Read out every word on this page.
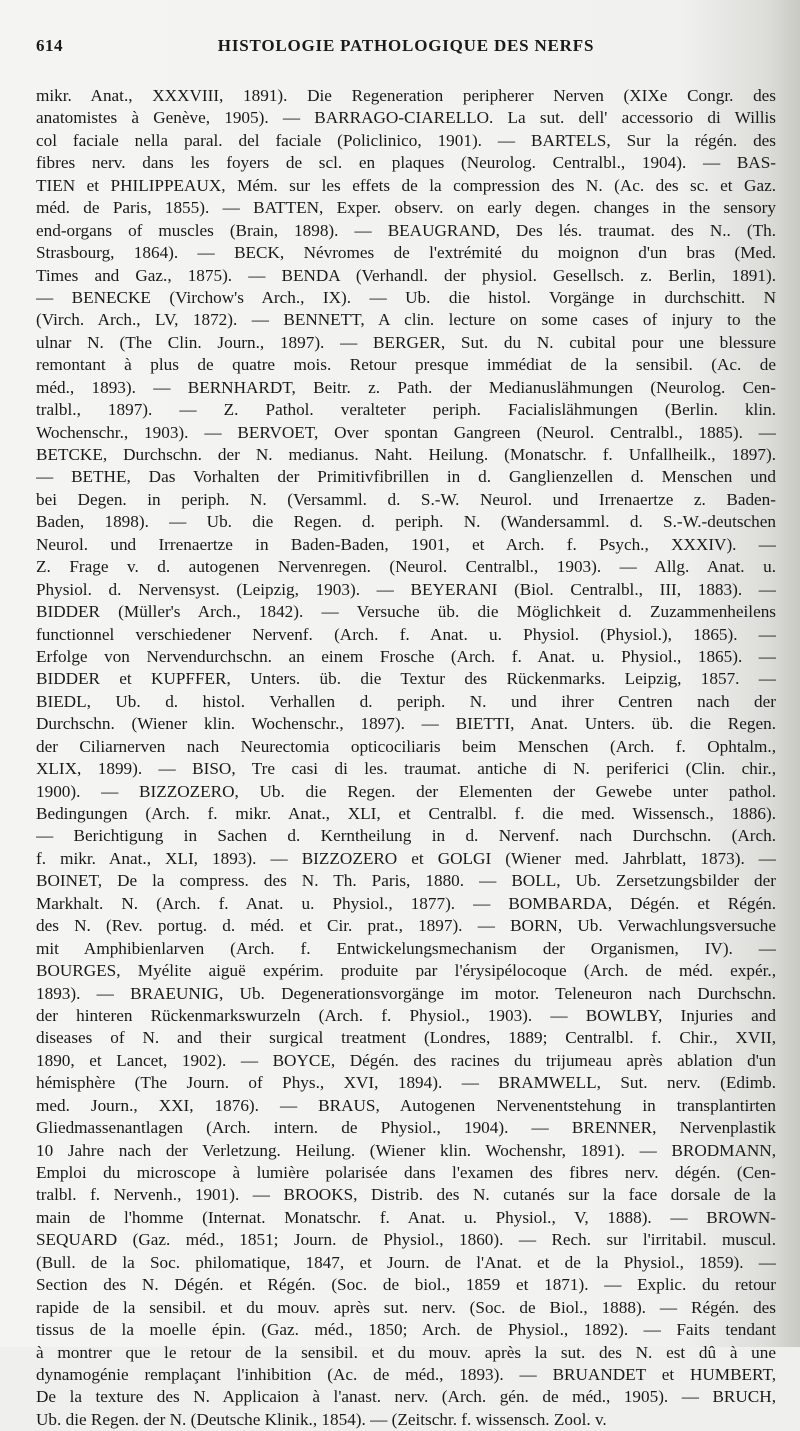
614	HISTOLOGIE PATHOLOGIQUE DES NERFS
mikr. Anat., XXXVIII, 1891). Die Regeneration peripherer Nerven (XIXe Congr. des
anatomistes à Genève, 1905). — BARRAGO-CIARELLO. La sut. dell' accessorio di Willis
col faciale nella paral. del faciale (Policlinico, 1901). — BARTELS, Sur la régén. des
fibres nerv. dans les foyers de scl. en plaques (Neurolog. Centralbl., 1904). — BAS-
TIEN et PHILIPPEAUX, Mém. sur les effets de la compression des N. (Ac. des sc. et Gaz.
méd. de Paris, 1855). — BATTEN, Exper. observ. on early degen. changes in the sensory
end-organs of muscles (Brain, 1898). — BEAUGRAND, Des lés. traumat. des N.. (Th.
Strasbourg, 1864). — BECK, Névromes de l'extrémité du moignon d'un bras (Med.
Times and Gaz., 1875). — BENDA (Verhandl. der physiol. Gesellsch. z. Berlin, 1891).
— BENECKE (Virchow's Arch., IX). — Ub. die histol. Vorgänge in durchschitt. N
(Virch. Arch., LV, 1872). — BENNETT, A clin. lecture on some cases of injury to the
ulnar N. (The Clin. Journ., 1897). — BERGER, Sut. du N. cubital pour une blessure
remontant à plus de quatre mois. Retour presque immédiat de la sensibil. (Ac. de
méd., 1893). — BERNHARDT, Beitr. z. Path. der Medianuslähmungen (Neurolog. Cen-
tralbl., 1897). — Z. Pathol. veralteter periph. Facialislähmungen (Berlin. klin.
Wochenschr., 1903). — BERVOET, Over spontan Gangreen (Neurol. Centralbl., 1885). —
BETCKE, Durchschn. der N. medianus. Naht. Heilung. (Monatschr. f. Unfallheilk., 1897).
— BETHE, Das Vorhalten der Primitivfibrillen in d. Ganglienzellen d. Menschen und
bei Degen. in periph. N. (Versamml. d. S.-W. Neurol. und Irrenaertze z. Baden-
Baden, 1898). — Ub. die Regen. d. periph. N. (Wandersamml. d. S.-W.-deutschen
Neurol. und Irrenaertze in Baden-Baden, 1901, et Arch. f. Psych., XXXIV). —
Z. Frage v. d. autogenen Nervenregen. (Neurol. Centralbl., 1903). — Allg. Anat. u.
Physiol. d. Nervensyst. (Leipzig, 1903). — BEYERANI (Biol. Centralbl., III, 1883). —
BIDDER (Müller's Arch., 1842). — Versuche üb. die Möglichkeit d. Zuzammenheilens
functionnel verschiedener Nervenf. (Arch. f. Anat. u. Physiol. (Physiol.), 1865). —
Erfolge von Nervendurchschn. an einem Frosche (Arch. f. Anat. u. Physiol., 1865). —
BIDDER et KUPFFER, Unters. üb. die Textur des Rückenmarks. Leipzig, 1857. —
BIEDL, Ub. d. histol. Verhallen d. periph. N. und ihrer Centren nach der
Durchschn. (Wiener klin. Wochenschr., 1897). — BIETTI, Anat. Unters. üb. die Regen.
der Ciliarnerven nach Neurectomia opticociliaris beim Menschen (Arch. f. Ophtalm.,
XLIX, 1899). — BISO, Tre casi di les. traumat. antiche di N. periferici (Clin. chir.,
1900). — BIZZOZERO, Ub. die Regen. der Elementen der Gewebe unter pathol.
Bedingungen (Arch. f. mikr. Anat., XLI, et Centralbl. f. die med. Wissensch., 1886).
— Berichtigung in Sachen d. Kerntheilung in d. Nervenf. nach Durchschn. (Arch.
f. mikr. Anat., XLI, 1893). — BIZZOZERO et GOLGI (Wiener med. Jahrblatt, 1873). —
BOINET, De la compress. des N. Th. Paris, 1880. — BOLL, Ub. Zersetzungsbilder der
Markhalt. N. (Arch. f. Anat. u. Physiol., 1877). — BOMBARDA, Dégén. et Régén.
des N. (Rev. portug. d. méd. et Cir. prat., 1897). — BORN, Ub. Verwachlungsversuche
mit Amphibienlarven (Arch. f. Entwickelungsmechanism der Organismen, IV). —
BOURGES, Myélite aiguë expérim. produite par l'érysipélocoque (Arch. de méd. expér.,
1893). — BRAEUNIG, Ub. Degenerationsvorgänge im motor. Teleneuron nach Durchschn.
der hinteren Rückenmarkswurzeln (Arch. f. Physiol., 1903). — BOWLBY, Injuries and
diseases of N. and their surgical treatment (Londres, 1889; Centralbl. f. Chir., XVII,
1890, et Lancet, 1902). — BOYCE, Dégén. des racines du trijumeau après ablation d'un
hémisphère (The Journ. of Phys., XVI, 1894). — BRAMWELL, Sut. nerv. (Edimb.
med. Journ., XXI, 1876). — BRAUS, Autogenen Nervenentstehung in transplantirten
Gliedmassenantlagen (Arch. intern. de Physiol., 1904). — BRENNER, Nervenplastik
10 Jahre nach der Verletzung. Heilung. (Wiener klin. Wochenshr, 1891). — BRODMANN,
Emploi du microscope à lumière polarisée dans l'examen des fibres nerv. dégén. (Cen-
tralbl. f. Nervenh., 1901). — BROOKS, Distrib. des N. cutanés sur la face dorsale de la
main de l'homme (Internat. Monatschr. f. Anat. u. Physiol., V, 1888). — BROWN-
SEQUARD (Gaz. méd., 1851; Journ. de Physiol., 1860). — Rech. sur l'irritabil. muscul.
(Bull. de la Soc. philomatique, 1847, et Journ. de l'Anat. et de la Physiol., 1859). —
Section des N. Dégén. et Régén. (Soc. de biol., 1859 et 1871). — Explic. du retour
rapide de la sensibil. et du mouv. après sut. nerv. (Soc. de Biol., 1888). — Régén. des
tissus de la moelle épin. (Gaz. méd., 1850; Arch. de Physiol., 1892). — Faits tendant
à montrer que le retour de la sensibil. et du mouv. après la sut. des N. est dû à une
dynamogénie remplaçant l'inhibition (Ac. de méd., 1893). — BRUANDET et HUMBERT,
De la texture des N. Applicaion à l'anast. nerv. (Arch. gén. de méd., 1905). — BRUCH,
Ub. die Regen. der N. (Deutsche Klinik., 1854). — (Zeitschr. f. wissensch. Zool. v.
